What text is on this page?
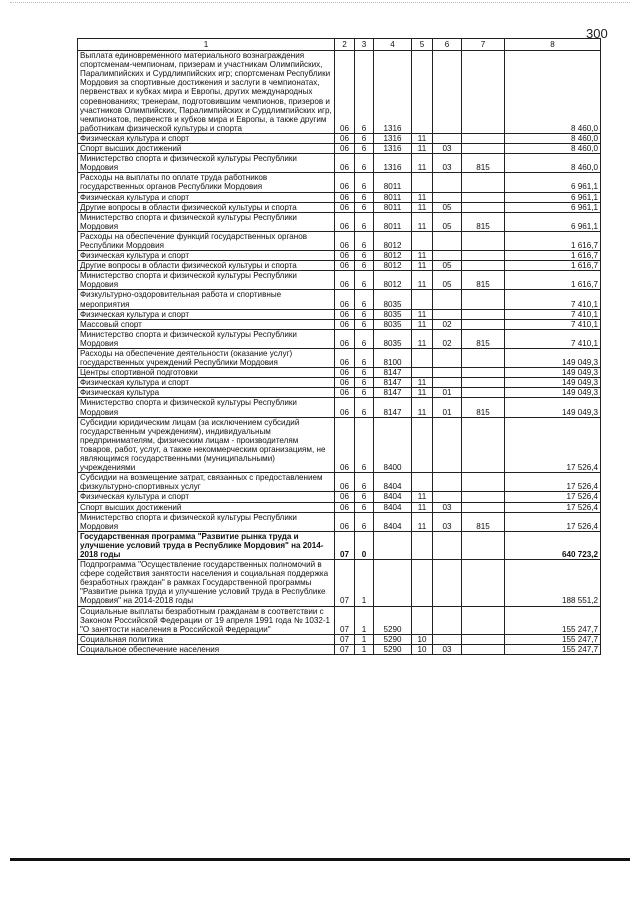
300
1	2	3	4	5	6	7	8
Выплата единовременного материального вознаграждения спортсменам-чемпионам, призерам и участникам Олимпийских, Паралимпийских и Сурдлимпийских игр; спортсменам Республики Мордовия за спортивные достижения и заслуги в чемпионатах, первенствах и кубках мира и Европы, других международных соревнованиях; тренерам, подготовившим чемпионов, призеров и участников Олимпийских, Паралимпийских и Сурдлимпийских игр, чемпионатов, первенств и кубков мира и Европы, а также другим работникам физической культуры и спорта	06	6	1316				8 460,0
Физическая культура и спорт	06	6	1316	11			8 460,0
Спорт высших достижений	06	6	1316	11	03		8 460,0
Министерство спорта и физической культуры Республики Мордовия	06	6	1316	11	03	815	8 460,0
Расходы на выплаты по оплате труда работников государственных органов Республики Мордовия	06	6	8011				6 961,1
Физическая культура и спорт	06	6	8011	11			6 961,1
Другие вопросы в области физической культуры и спорта	06	6	8011	11	05		6 961,1
Министерство спорта и физической культуры Республики Мордовия	06	6	8011	11	05	815	6 961,1
Расходы на обеспечение функций государственных органов Республики Мордовия	06	6	8012				1 616,7
Физическая культура и спорт	06	6	8012	11			1 616,7
Другие вопросы в области физической культуры и спорта	06	6	8012	11	05		1 616,7
Министерство спорта и физической культуры Республики Мордовия	06	6	8012	11	05	815	1 616,7
Физкультурно-оздоровительная работа и спортивные мероприятия	06	6	8035				7 410,1
Физическая культура и спорт	06	6	8035	11			7 410,1
Массовый спорт	06	6	8035	11	02		7 410,1
Министерство спорта и физической культуры Республики Мордовия	06	6	8035	11	02	815	7 410,1
Расходы на обеспечение деятельности (оказание услуг) государственных учреждений Республики Мордовия	06	6	8100				149 049,3
Центры спортивной подготовки	06	6	8147				149 049,3
Физическая культура и спорт	06	6	8147	11			149 049,3
Физическая культура	06	6	8147	11	01		149 049,3
Министерство спорта и физической культуры Республики Мордовия	06	6	8147	11	01	815	149 049,3
Субсидии юридическим лицам (за исключением субсидий государственным учреждениям), индивидуальным предпринимателям, физическим лицам - производителям товаров, работ, услуг, а также некоммерческим организациям, не являющимся государственными (муниципальными) учреждениями	06	6	8400				17 526,4
Субсидии на возмещение затрат, связанных с предоставлением физкультурно-спортивных услуг	06	6	8404				17 526,4
Физическая культура и спорт	06	6	8404	11			17 526,4
Спорт высших достижений	06	6	8404	11	03		17 526,4
Министерство спорта и физической культуры Республики Мордовия	06	6	8404	11	03	815	17 526,4
Государственная программа "Развитие рынка труда и улучшение условий труда в Республике Мордовия" на 2014-2018 годы	07	0					640 723,2
Подпрограмма "Осуществление государственных полномочий в сфере содействия занятости населения и социальная поддержка безработных граждан" в рамках Государственной программы "Развитие рынка труда и улучшение условий труда в Республике Мордовия" на 2014-2018 годы	07	1					188 551,2
Социальные выплаты безработным гражданам в соответствии с Законом Российской Федерации от 19 апреля 1991 года № 1032-1 "О занятости населения в Российской Федерации"	07	1	5290				155 247,7
Социальная политика	07	1	5290	10			155 247,7
Социальное обеспечение населения	07	1	5290	10	03		155 247,7
